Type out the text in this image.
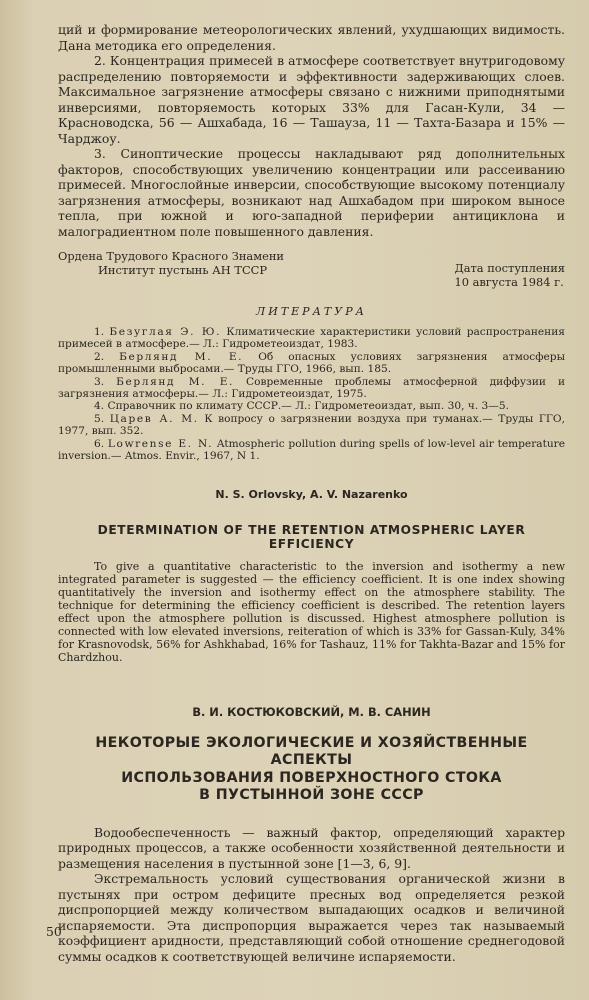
ций и формирование метеорологических явлений, ухудшающих видимость. Дана методика его определения.

2. Концентрация примесей в атмосфере соответствует внутригодовому распределению повторяемости и эффективности задерживающих слоев. Максимальное загрязнение атмосферы связано с нижними приподнятыми инверсиями, повторяемость которых 33% для Гасан-Кули, 34 — Красноводска, 56 — Ашхабада, 16 — Ташауза, 11 — Тахта-Базара и 15% — Чарджоу.

3. Синоптические процессы накладывают ряд дополнительных факторов, способствующих увеличению концентрации или рассеиванию примесей. Многослойные инверсии, способствующие высокому потенциалу загрязнения атмосферы, возникают над Ашхабадом при широком выносе тепла, при южной и юго-западной периферии антициклона и малоградиентном поле повышенного давления.

Ордена Трудового Красного Знамени
Институт пустынь АН ТССР	Дата поступления
10 августа 1984 г.
ЛИТЕРАТУРА

1. Безуглая Э. Ю. Климатические характеристики условий распространения примесей в атмосфере.— Л.: Гидрометеоиздат, 1983.

2. Берлянд М. Е. Об опасных условиях загрязнения атмосферы промышленными выбросами.— Труды ГГО, 1966, вып. 185.

3. Берлянд М. Е. Современные проблемы атмосферной диффузии и загрязнения атмосферы.— Л.: Гидрометеоиздат, 1975.

4. Справочник по климату СССР.— Л.: Гидрометеоиздат, вып. 30, ч. 3—5.

5. Царев А. М. К вопросу о загрязнении воздуха при туманах.— Труды ГГО, 1977, вып. 352.

6. Lowrense E. N. Atmospheric pollution during spells of low-level air temperature inversion.— Atmos. Envir., 1967, N 1.

N. S. Orlovsky, A. V. Nazarenko
DETERMINATION OF THE RETENTION ATMOSPHERIC LAYER EFFICIENCY

To give a quantitative characteristic to the inversion and isothermy a new integrated parameter is suggested — the efficiency coefficient. It is one index showing quantitatively the inversion and isothermy effect on the atmosphere stability. The technique for determining the efficiency coefficient is described. The retention layers effect upon the atmosphere pollution is discussed. Highest atmosphere pollution is connected with low elevated inversions, reiteration of which is 33% for Gassan-Kuly, 34% for Krasnovodsk, 56% for Ashkhabad, 16% for Tashauz, 11% for Takhta-Bazar and 15% for Chardzhou.

В. И. КОСТЮКОВСКИЙ, М. В. САНИН
НЕКОТОРЫЕ ЭКОЛОГИЧЕСКИЕ И ХОЗЯЙСТВЕННЫЕ АСПЕКТЫ
ИСПОЛЬЗОВАНИЯ ПОВЕРХНОСТНОГО СТОКА
В ПУСТЫННОЙ ЗОНЕ СССР

Водообеспеченность — важный фактор, определяющий характер природных процессов, а также особенности хозяйственной деятельности и размещения населения в пустынной зоне [1—3, 6, 9].

Экстремальность условий существования органической жизни в пустынях при остром дефиците пресных вод определяется резкой диспропорцией между количеством выпадающих осадков и величиной испаряемости. Эта диспропорция выражается через так называемый коэффициент аридности, представляющий собой отношение среднегодовой суммы осадков к соответствующей величине испаряемости.

50
